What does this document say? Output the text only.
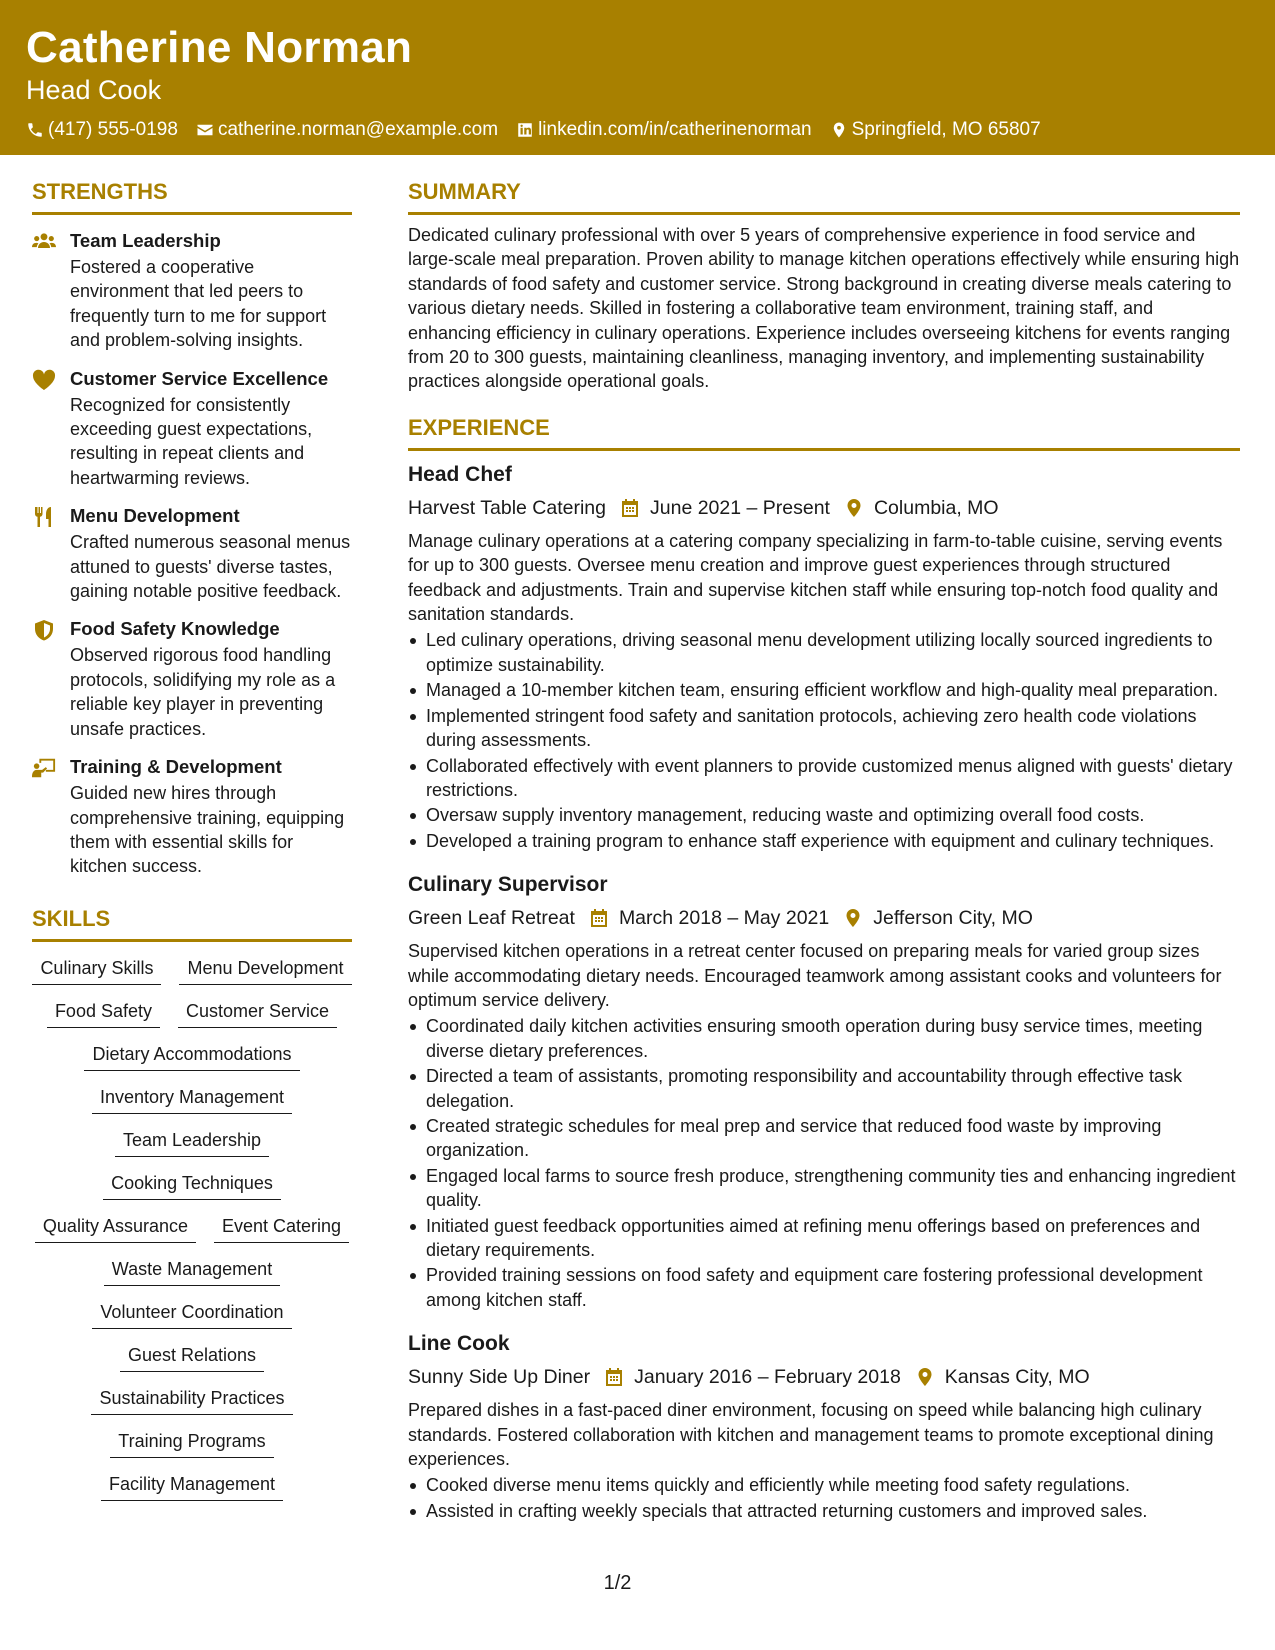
Catherine Norman
Head Cook
(417) 555-0198 catherine.norman@example.com linkedin.com/in/catherinenorman Springfield, MO 65807
STRENGTHS
Team Leadership
Fostered a cooperative environment that led peers to frequently turn to me for support and problem-solving insights.
Customer Service Excellence
Recognized for consistently exceeding guest expectations, resulting in repeat clients and heartwarming reviews.
Menu Development
Crafted numerous seasonal menus attuned to guests' diverse tastes, gaining notable positive feedback.
Food Safety Knowledge
Observed rigorous food handling protocols, solidifying my role as a reliable key player in preventing unsafe practices.
Training & Development
Guided new hires through comprehensive training, equipping them with essential skills for kitchen success.
SKILLS
Culinary Skills	Menu Development
Food Safety	Customer Service
Dietary Accommodations
Inventory Management
Team Leadership
Cooking Techniques
Quality Assurance	Event Catering
Waste Management
Volunteer Coordination
Guest Relations
Sustainability Practices
Training Programs
Facility Management
SUMMARY
Dedicated culinary professional with over 5 years of comprehensive experience in food service and large-scale meal preparation. Proven ability to manage kitchen operations effectively while ensuring high standards of food safety and customer service. Strong background in creating diverse meals catering to various dietary needs. Skilled in fostering a collaborative team environment, training staff, and enhancing efficiency in culinary operations. Experience includes overseeing kitchens for events ranging from 20 to 300 guests, maintaining cleanliness, managing inventory, and implementing sustainability practices alongside operational goals.
EXPERIENCE
Head Chef
Harvest Table Catering June 2021 – Present Columbia, MO
Manage culinary operations at a catering company specializing in farm-to-table cuisine, serving events for up to 300 guests. Oversee menu creation and improve guest experiences through structured feedback and adjustments. Train and supervise kitchen staff while ensuring top-notch food quality and sanitation standards.
Led culinary operations, driving seasonal menu development utilizing locally sourced ingredients to optimize sustainability.
Managed a 10-member kitchen team, ensuring efficient workflow and high-quality meal preparation.
Implemented stringent food safety and sanitation protocols, achieving zero health code violations during assessments.
Collaborated effectively with event planners to provide customized menus aligned with guests' dietary restrictions.
Oversaw supply inventory management, reducing waste and optimizing overall food costs.
Developed a training program to enhance staff experience with equipment and culinary techniques.
Culinary Supervisor
Green Leaf Retreat March 2018 – May 2021 Jefferson City, MO
Supervised kitchen operations in a retreat center focused on preparing meals for varied group sizes while accommodating dietary needs. Encouraged teamwork among assistant cooks and volunteers for optimum service delivery.
Coordinated daily kitchen activities ensuring smooth operation during busy service times, meeting diverse dietary preferences.
Directed a team of assistants, promoting responsibility and accountability through effective task delegation.
Created strategic schedules for meal prep and service that reduced food waste by improving organization.
Engaged local farms to source fresh produce, strengthening community ties and enhancing ingredient quality.
Initiated guest feedback opportunities aimed at refining menu offerings based on preferences and dietary requirements.
Provided training sessions on food safety and equipment care fostering professional development among kitchen staff.
Line Cook
Sunny Side Up Diner January 2016 – February 2018 Kansas City, MO
Prepared dishes in a fast-paced diner environment, focusing on speed while balancing high culinary standards. Fostered collaboration with kitchen and management teams to promote exceptional dining experiences.
Cooked diverse menu items quickly and efficiently while meeting food safety regulations.
Assisted in crafting weekly specials that attracted returning customers and improved sales.
1/2
